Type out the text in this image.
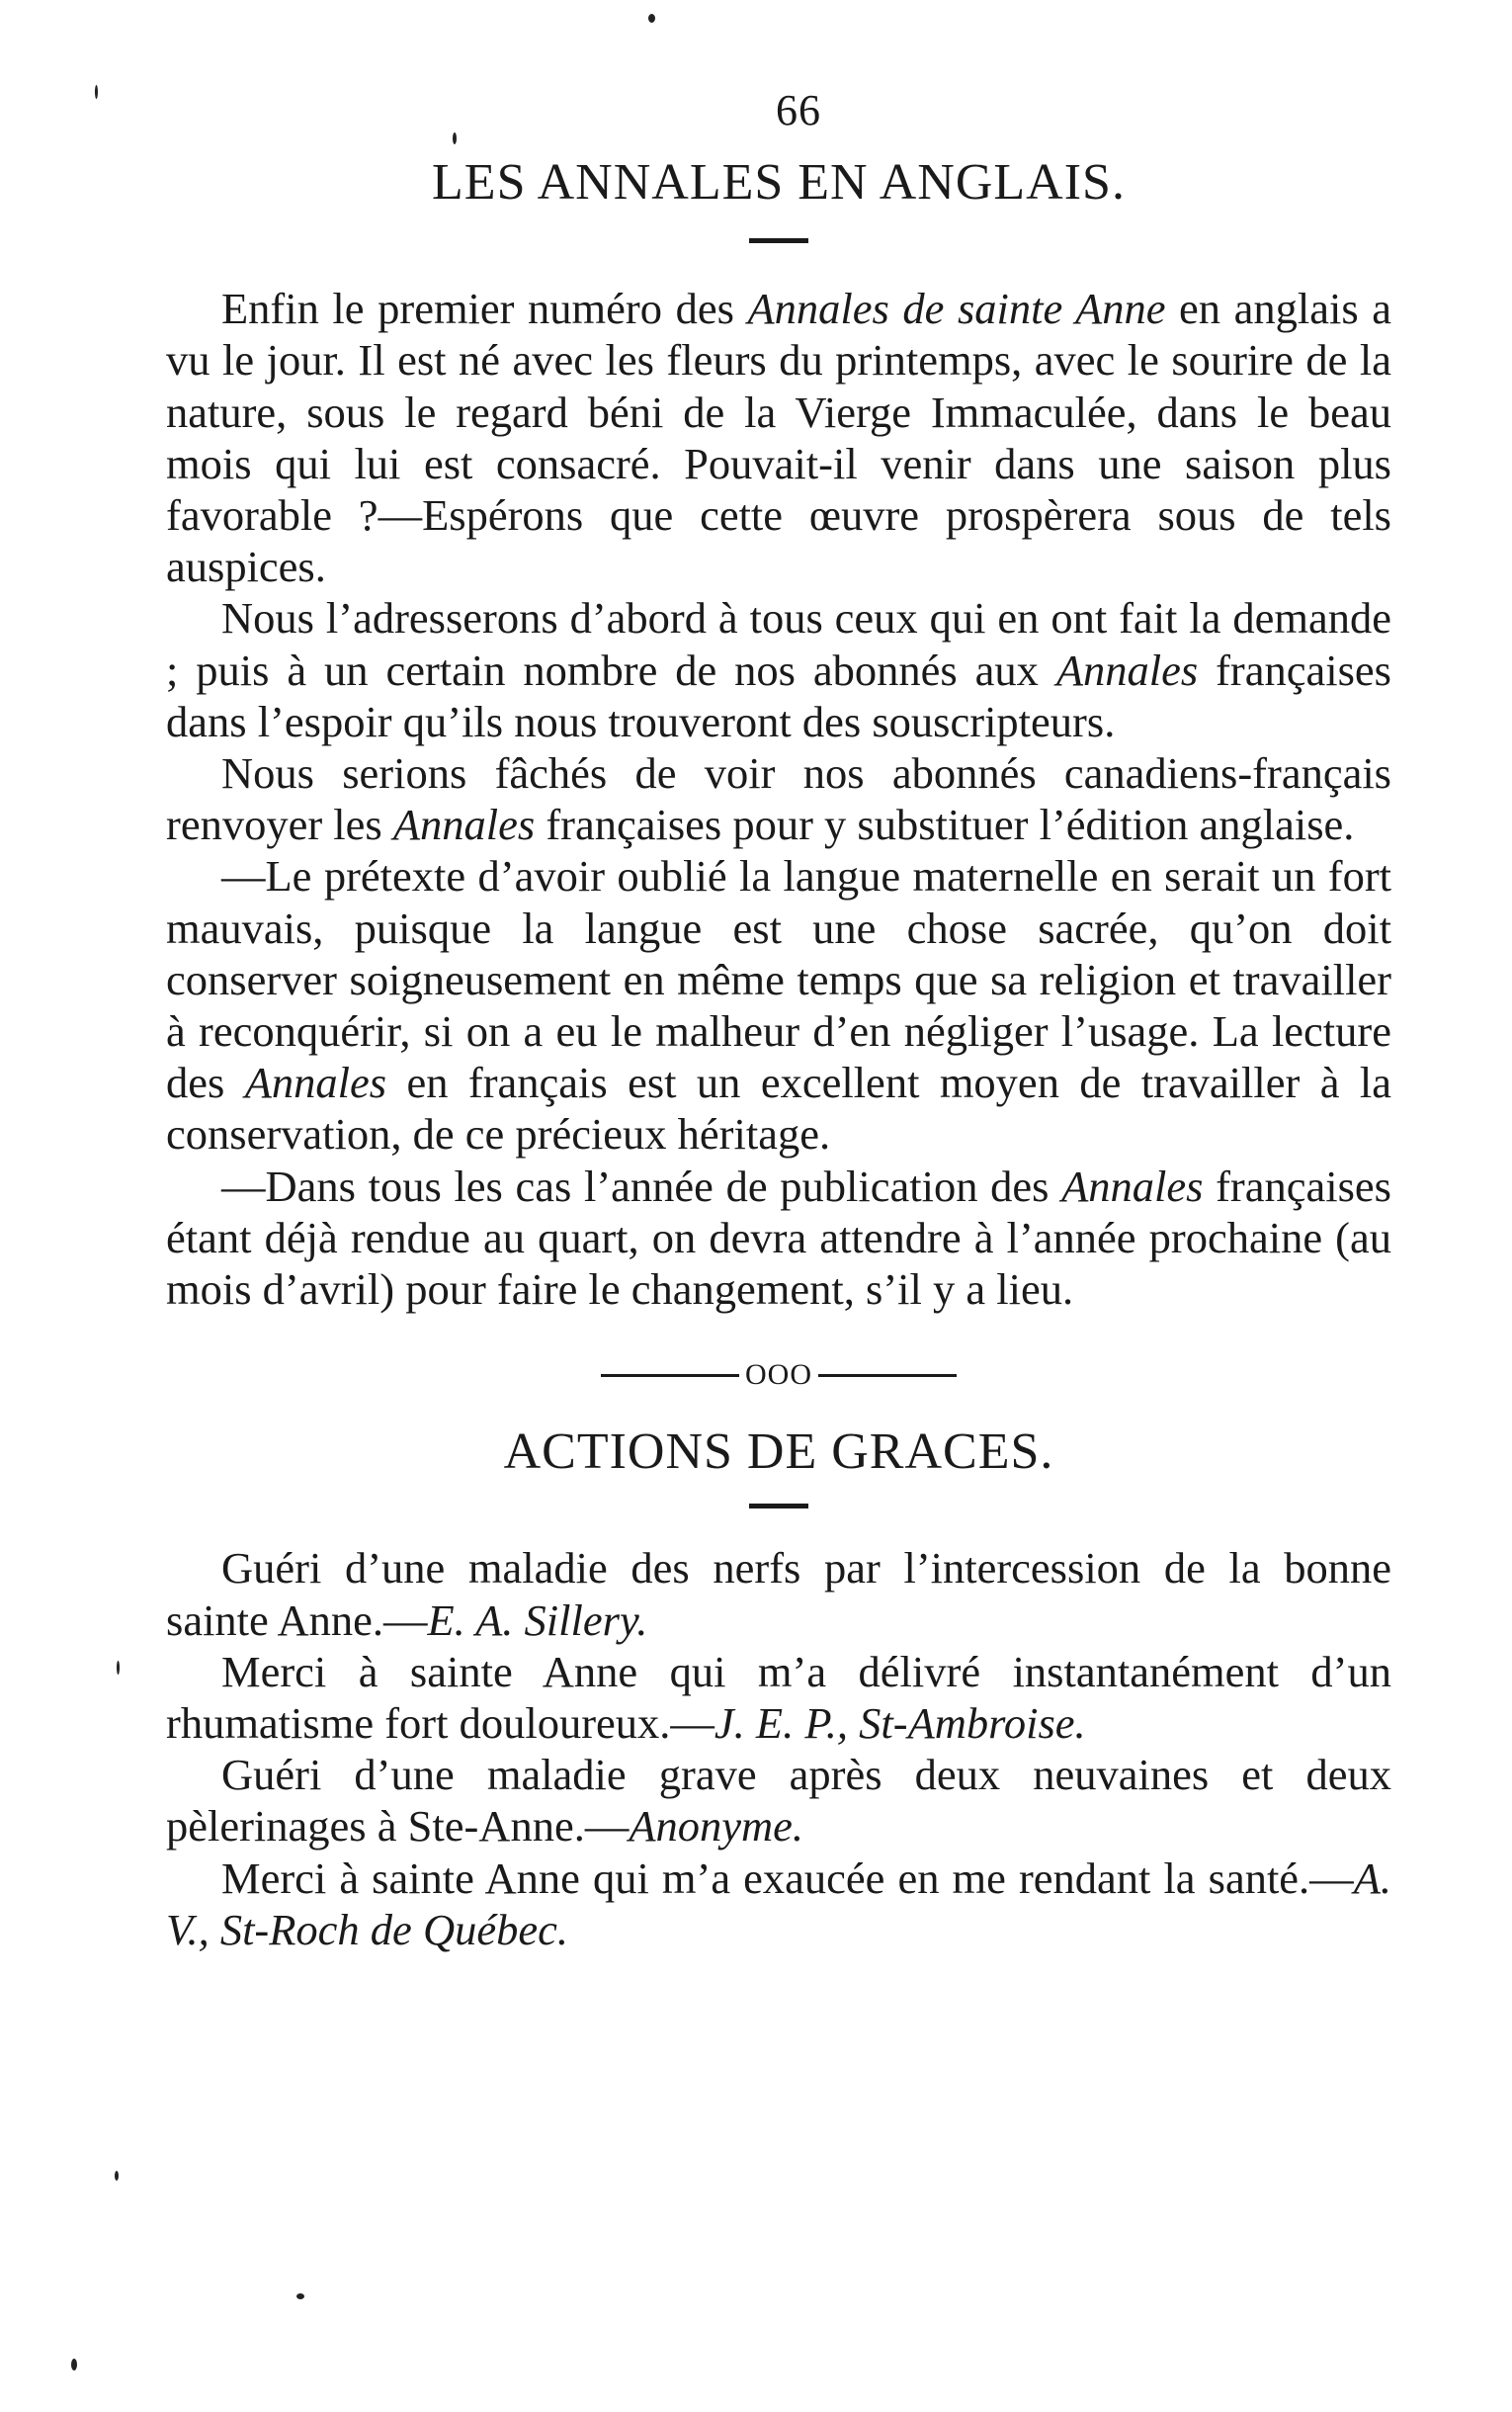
66
LES ANNALES EN ANGLAIS.

Enfin le premier numéro des Annales de sainte Anne en anglais a vu le jour. Il est né avec les fleurs du printemps, avec le sourire de la nature, sous le regard béni de la Vierge Immaculée, dans le beau mois qui lui est consacré. Pouvait-il venir dans une saison plus favorable ?—Espérons que cette œuvre prospèrera sous de tels auspices.

Nous l’adresserons d’abord à tous ceux qui en ont fait la demande ; puis à un certain nombre de nos abonnés aux Annales françaises dans l’espoir qu’ils nous trouveront des souscripteurs.

Nous serions fâchés de voir nos abonnés canadiens-français renvoyer les Annales françaises pour y substituer l’édition anglaise.

—Le prétexte d’avoir oublié la langue maternelle en serait un fort mauvais, puisque la langue est une chose sacrée, qu’on doit conserver soigneusement en même temps que sa religion et travailler à reconquérir, si on a eu le malheur d’en négliger l’usage. La lecture des Annales en français est un excellent moyen de travailler à la conservation, de ce précieux héritage.

—Dans tous les cas l’année de publication des Annales françaises étant déjà rendue au quart, on devra attendre à l’année prochaine (au mois d’avril) pour faire le changement, s’il y a lieu.

OOO
ACTIONS DE GRACES.

Guéri d’une maladie des nerfs par l’intercession de la bonne sainte Anne.—E. A. Sillery.

Merci à sainte Anne qui m’a délivré instantanément d’un rhumatisme fort douloureux.—J. E. P., St-Ambroise.

Guéri d’une maladie grave après deux neuvaines et deux pèlerinages à Ste-Anne.—Anonyme.

Merci à sainte Anne qui m’a exaucée en me rendant la santé.—A. V., St-Roch de Québec.
